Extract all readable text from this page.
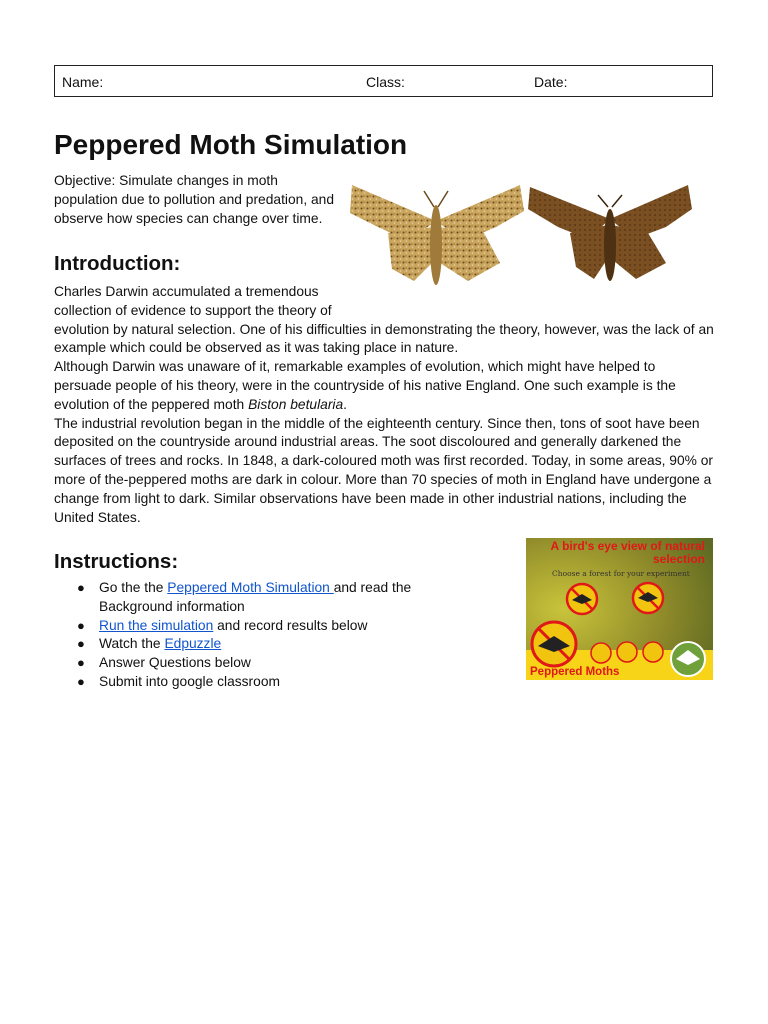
Name:	Class:	Date:
Peppered Moth Simulation

Objective: Simulate changes in moth population due to pollution and predation, and observe how species can change over time.

Introduction:
Charles Darwin accumulated a tremendous collection of evidence to support the theory of

evolution by natural selection. One of his difficulties in demonstrating the theory, however, was the lack of an example which could be observed as it was taking place in nature.

Although Darwin was unaware of it, remarkable examples of evolution, which might have helped to persuade people of his theory, were in the countryside of his native England. One such example is the evolution of the peppered moth Biston betularia.

The industrial revolution began in the middle of the eighteenth century. Since then, tons of soot have been deposited on the countryside around industrial areas. The soot discoloured and generally darkened the surfaces of trees and rocks. In 1848, a dark-coloured moth was first recorded. Today, in some areas, 90% or more of the-peppered moths are dark in colour. More than 70 species of moth in England have undergone a change from light to dark. Similar observations have been made in other industrial nations, including the United States.

Instructions:
● Go the the Peppered Moth Simulation and read the Background information
● Run the simulation and record results below
● Watch the Edpuzzle
● Answer Questions below
● Submit into google classroom
A bird's eye view of natural selection
Choose a forest for your experiment
Peppered Moths
